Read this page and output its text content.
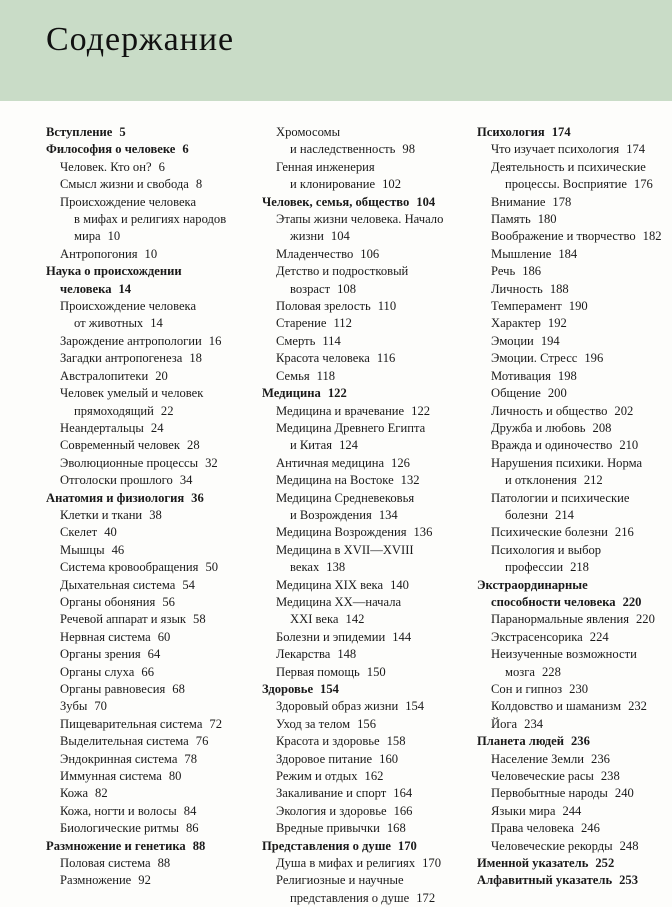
Содержание
Вступление 5
Философия о человеке 6
Человек. Кто он? 6
Смысл жизни и свобода 8
Происхождение человека
в мифах и религиях народов
мира 10
Антропогония 10
Наука о происхождении
человека 14
Происхождение человека
от животных 14
Зарождение антропологии 16
Загадки антропогенеза 18
Австралопитеки 20
Человек умелый и человек
прямоходящий 22
Неандертальцы 24
Современный человек 28
Эволюционные процессы 32
Отголоски прошлого 34
Анатомия и физиология 36
Клетки и ткани 38
Скелет 40
Мышцы 46
Система кровообращения 50
Дыхательная система 54
Органы обоняния 56
Речевой аппарат и язык 58
Нервная система 60
Органы зрения 64
Органы слуха 66
Органы равновесия 68
Зубы 70
Пищеварительная система 72
Выделительная система 76
Эндокринная система 78
Иммунная система 80
Кожа 82
Кожа, ногти и волосы 84
Биологические ритмы 86
Размножение и генетика 88
Половая система 88
Размножение 92
Хромосомы
и наследственность 98
Генная инженерия
и клонирование 102
Человек, семья, общество 104
Этапы жизни человека. Начало
жизни 104
Младенчество 106
Детство и подростковый
возраст 108
Половая зрелость 110
Старение 112
Смерть 114
Красота человека 116
Семья 118
Медицина 122
Медицина и врачевание 122
Медицина Древнего Египта
и Китая 124
Античная медицина 126
Медицина на Востоке 132
Медицина Средневековья
и Возрождения 134
Медицина Возрождения 136
Медицина в XVII—XVIII
веках 138
Медицина XIX века 140
Медицина XX—начала
XXI века 142
Болезни и эпидемии 144
Лекарства 148
Первая помощь 150
Здоровье 154
Здоровый образ жизни 154
Уход за телом 156
Красота и здоровье 158
Здоровое питание 160
Режим и отдых 162
Закаливание и спорт 164
Экология и здоровье 166
Вредные привычки 168
Представления о душе 170
Душа в мифах и религиях 170
Религиозные и научные
представления о душе 172
Психология 174
Что изучает психология 174
Деятельность и психические
процессы. Восприятие 176
Внимание 178
Память 180
Воображение и творчество 182
Мышление 184
Речь 186
Личность 188
Темперамент 190
Характер 192
Эмоции 194
Эмоции. Стресс 196
Мотивация 198
Общение 200
Личность и общество 202
Дружба и любовь 208
Вражда и одиночество 210
Нарушения психики. Норма
и отклонения 212
Патологии и психические
болезни 214
Психические болезни 216
Психология и выбор
профессии 218
Экстраординарные
способности человека 220
Паранормальные явления 220
Экстрасенсорика 224
Неизученные возможности
мозга 228
Сон и гипноз 230
Колдовство и шаманизм 232
Йога 234
Планета людей 236
Население Земли 236
Человеческие расы 238
Первобытные народы 240
Языки мира 244
Права человека 246
Человеческие рекорды 248
Именной указатель 252
Алфавитный указатель 253
